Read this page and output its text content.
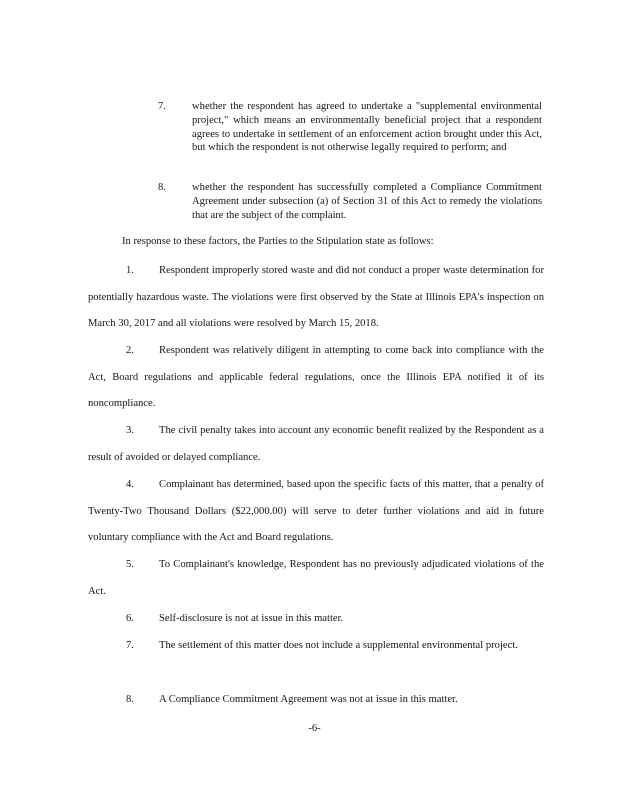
7. whether the respondent has agreed to undertake a "supplemental environmental project," which means an environmentally beneficial project that a respondent agrees to undertake in settlement of an enforcement action brought under this Act, but which the respondent is not otherwise legally required to perform; and
8. whether the respondent has successfully completed a Compliance Commitment Agreement under subsection (a) of Section 31 of this Act to remedy the violations that are the subject of the complaint.
In response to these factors, the Parties to the Stipulation state as follows:
1. Respondent improperly stored waste and did not conduct a proper waste determination for potentially hazardous waste. The violations were first observed by the State at Illinois EPA's inspection on March 30, 2017 and all violations were resolved by March 15, 2018.
2. Respondent was relatively diligent in attempting to come back into compliance with the Act, Board regulations and applicable federal regulations, once the Illinois EPA notified it of its noncompliance.
3. The civil penalty takes into account any economic benefit realized by the Respondent as a result of avoided or delayed compliance.
4. Complainant has determined, based upon the specific facts of this matter, that a penalty of Twenty-Two Thousand Dollars ($22,000.00) will serve to deter further violations and aid in future voluntary compliance with the Act and Board regulations.
5. To Complainant's knowledge, Respondent has no previously adjudicated violations of the Act.
6. Self-disclosure is not at issue in this matter.
7. The settlement of this matter does not include a supplemental environmental project.
8. A Compliance Commitment Agreement was not at issue in this matter.
-6-
